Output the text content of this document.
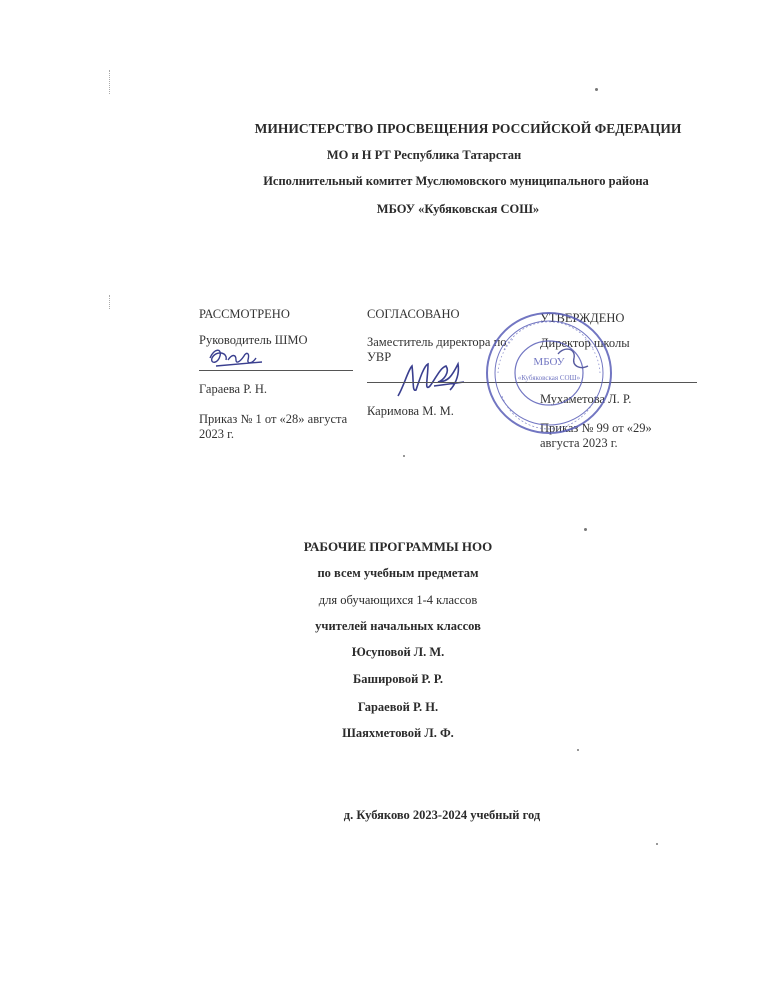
МИНИСТЕРСТВО ПРОСВЕЩЕНИЯ РОССИЙСКОЙ ФЕДЕРАЦИИ
МО и Н РТ Республика Татарстан
Исполнительный комитет Муслюмовского муниципального района
МБОУ «Кубяковская СОШ»
РАССМОТРЕНО
Руководитель ШМО
Гараева Р. Н.
Приказ № 1 от «28» августа
2023 г.
СОГЛАСОВАНО
Заместитель директора по
УВР
Каримова М. М.
УТВЕРЖДЕНО
Директор школы
Мухаметова Л. Р.
Приказ № 99 от «29»
августа 2023 г.
МБОУ
«Кубяковская СОШ»
РАБОЧИЕ ПРОГРАММЫ НОО
по всем учебным предметам
для обучающихся 1-4 классов
учителей начальных классов
Юсуповой Л. М.
Башировой Р. Р.
Гараевой Р. Н.
Шаяхметовой Л. Ф.
д. Кубяково 2023-2024 учебный год
